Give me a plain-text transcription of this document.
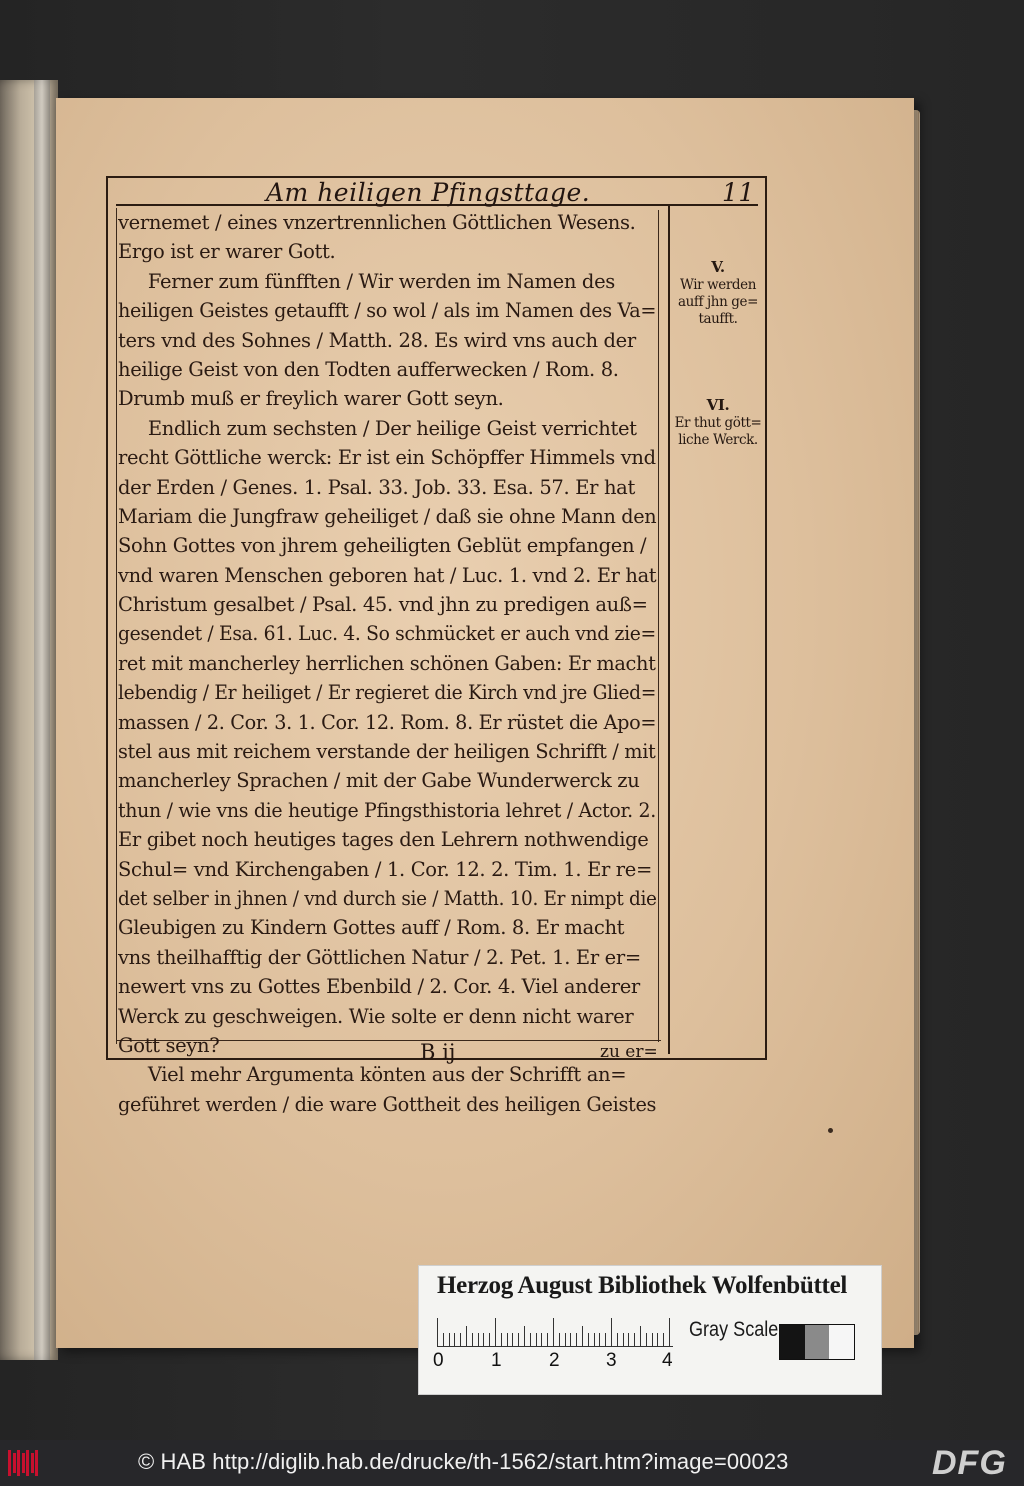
Am heiligen Pfingsttage.	11
vernemet / eines vnzertrennlichen Göttlichen Wesens.
Ergo ist er warer Gott.
Ferner zum fünfften / Wir werden im Namen des
heiligen Geistes getaufft / so wol / als im Namen des Va=
ters vnd des Sohnes / Matth. 28. Es wird vns auch der
heilige Geist von den Todten aufferwecken / Rom. 8.
Drumb muß er freylich warer Gott seyn.
Endlich zum sechsten / Der heilige Geist verrichtet
recht Göttliche werck: Er ist ein Schöpffer Himmels vnd
der Erden / Genes. 1. Psal. 33. Job. 33. Esa. 57. Er hat
Mariam die Jungfraw geheiliget / daß sie ohne Mann den
Sohn Gottes von jhrem geheiligten Geblüt empfangen /
vnd waren Menschen geboren hat / Luc. 1. vnd 2. Er hat
Christum gesalbet / Psal. 45. vnd jhn zu predigen auß=
gesendet / Esa. 61. Luc. 4. So schmücket er auch vnd zie=
ret mit mancherley herrlichen schönen Gaben: Er macht
lebendig / Er heiliget / Er regieret die Kirch vnd jre Glied=
massen / 2. Cor. 3. 1. Cor. 12. Rom. 8. Er rüstet die Apo=
stel aus mit reichem verstande der heiligen Schrifft / mit
mancherley Sprachen / mit der Gabe Wunderwerck zu
thun / wie vns die heutige Pfingsthistoria lehret / Actor. 2.
Er gibet noch heutiges tages den Lehrern nothwendige
Schul= vnd Kirchengaben / 1. Cor. 12. 2. Tim. 1. Er re=
det selber in jhnen / vnd durch sie / Matth. 10. Er nimpt die
Gleubigen zu Kindern Gottes auff / Rom. 8. Er macht
vns theilhafftig der Göttlichen Natur / 2. Pet. 1. Er er=
newert vns zu Gottes Ebenbild / 2. Cor. 4. Viel anderer
Werck zu geschweigen. Wie solte er denn nicht warer
Gott seyn?
Viel mehr Argumenta könten aus der Schrifft an=
geführet werden / die ware Gottheit des heiligen Geistes
V.
Wir werden
auff jhn ge=
taufft.
VI.
Er thut gött=
liche Werck.
B ij	zu er=
Herzog August Bibliothek Wolfenbüttel
0 1 2 3 4
Gray Scale
© HAB http://diglib.hab.de/drucke/th-1562/start.htm?image=00023	DFG
